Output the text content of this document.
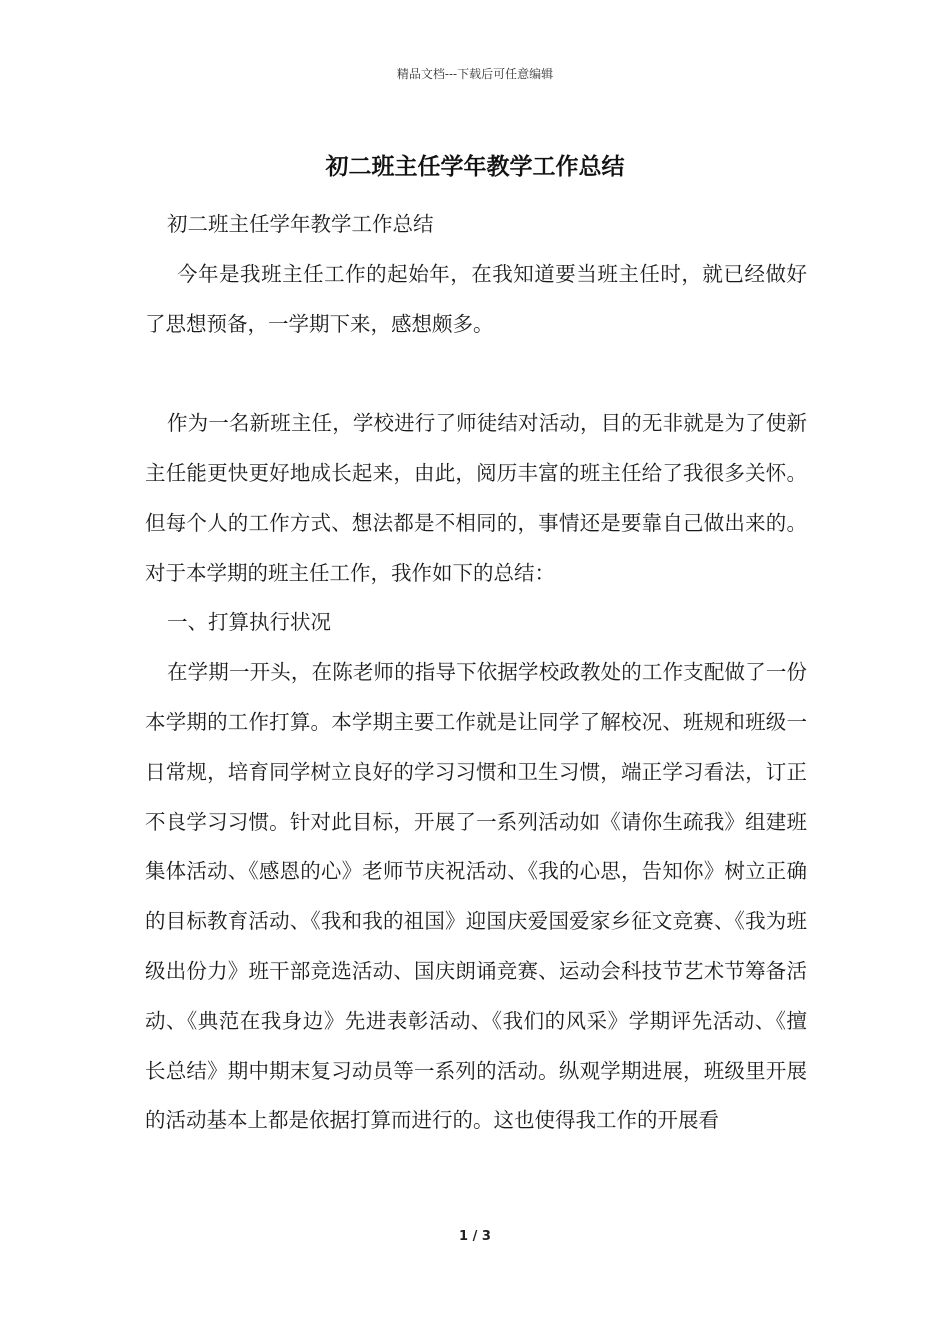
精品文档---下载后可任意编辑
初二班主任学年教学工作总结

初二班主任学年教学工作总结

今年是我班主任工作的起始年，在我知道要当班主任时，就已经做好了思想预备，一学期下来，感想颇多。

作为一名新班主任，学校进行了师徒结对活动，目的无非就是为了使新主任能更快更好地成长起来，由此，阅历丰富的班主任给了我很多关怀。但每个人的工作方式、想法都是不相同的，事情还是要靠自己做出来的。对于本学期的班主任工作，我作如下的总结：

一、打算执行状况

在学期一开头，在陈老师的指导下依据学校政教处的工作支配做了一份本学期的工作打算。本学期主要工作就是让同学了解校况、班规和班级一日常规，培育同学树立良好的学习习惯和卫生习惯，端正学习看法，订正不良学习习惯。针对此目标，开展了一系列活动如《请你生疏我》组建班集体活动、《感恩的心》老师节庆祝活动、《我的心思，告知你》树立正确的目标教育活动、《我和我的祖国》迎国庆爱国爱家乡征文竞赛、《我为班级出份力》班干部竞选活动、国庆朗诵竞赛、运动会科技节艺术节筹备活动、《典范在我身边》先进表彰活动、《我们的风采》学期评先活动、《擅长总结》期中期末复习动员等一系列的活动。纵观学期进展，班级里开展的活动基本上都是依据打算而进行的。这也使得我工作的开展看

1 / 3
